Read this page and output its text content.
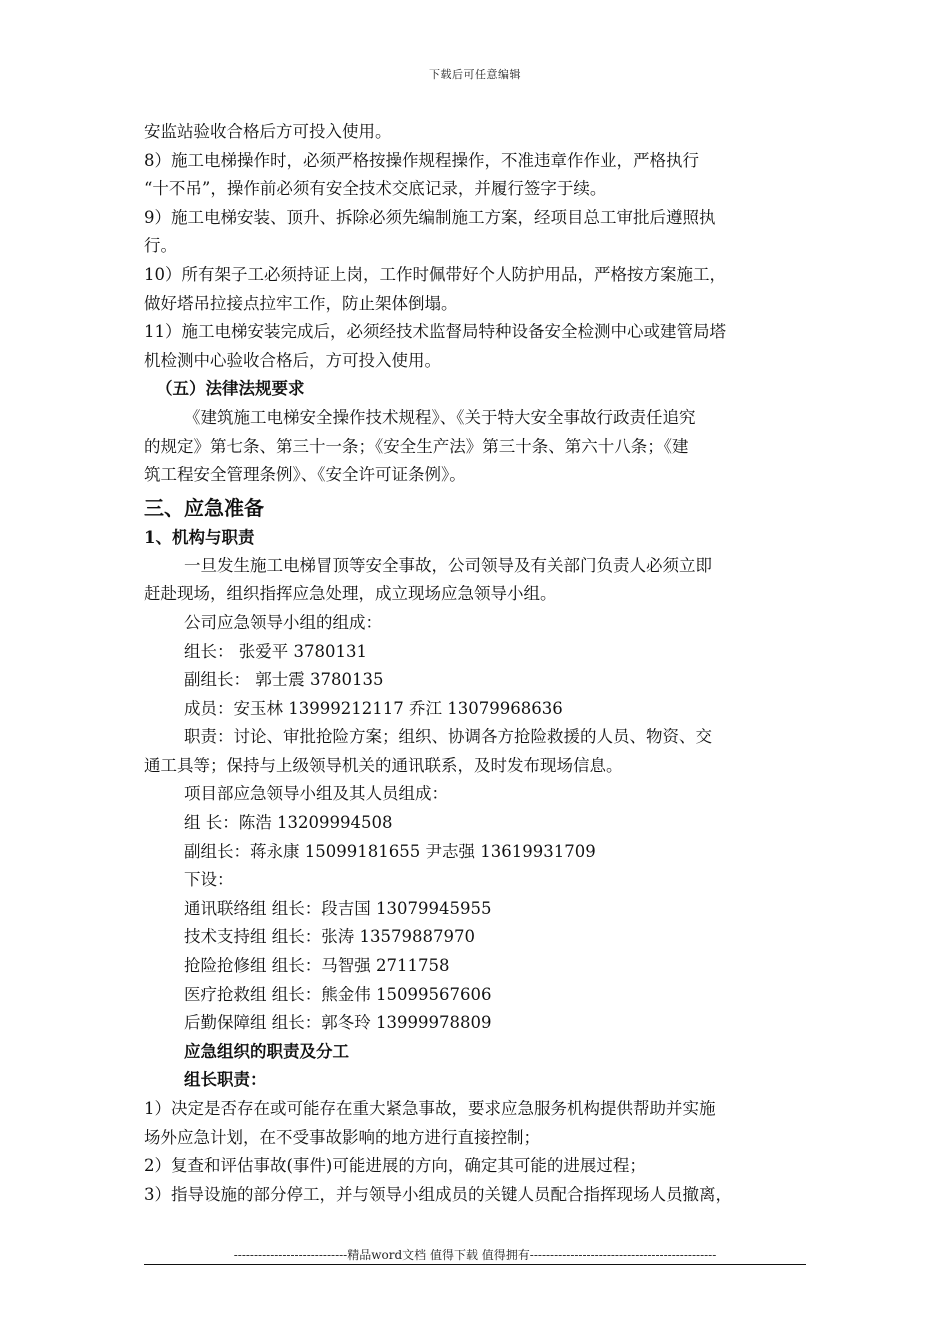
下载后可任意编辑
安监站验收合格后方可投入使用。
8）施工电梯操作时，必须严格按操作规程操作，不准违章作作业，严格执行
“十不吊”，操作前必须有安全技术交底记录，并履行签字于续。
9）施工电梯安装、顶升、拆除必须先编制施工方案，经项目总工审批后遵照执
行。
10）所有架子工必须持证上岗，工作时佩带好个人防护用品，严格按方案施工，
做好塔吊拉接点拉牢工作，防止架体倒塌。
11）施工电梯安装完成后，必须经技术监督局特种设备安全检测中心或建管局塔
机检测中心验收合格后，方可投入使用。
（五）法律法规要求
《建筑施工电梯安全操作技术规程》、《关于特大安全事故行政责任追究
的规定》第七条、第三十一条；《安全生产法》第三十条、第六十八条；《建
筑工程安全管理条例》、《安全许可证条例》。
三、应急准备
1、机构与职责
一旦发生施工电梯冒顶等安全事故，公司领导及有关部门负责人必须立即
赶赴现场，组织指挥应急处理，成立现场应急领导小组。
公司应急领导小组的组成：
组长： 张爱平 3780131
副组长： 郭士震 3780135
成员：安玉林 13999212117 乔江 13079968636
职责：讨论、审批抢险方案；组织、协调各方抢险救援的人员、物资、交
通工具等；保持与上级领导机关的通讯联系，及时发布现场信息。
项目部应急领导小组及其人员组成：
组 长：陈浩 13209994508
副组长：蒋永康 15099181655 尹志强 13619931709
下设：
通讯联络组 组长：段吉国 13079945955
技术支持组 组长：张涛 13579887970
抢险抢修组 组长：马智强 2711758
医疗抢救组 组长：熊金伟 15099567606
后勤保障组 组长：郭冬玲 13999978809
应急组织的职责及分工
组长职责：
1）决定是否存在或可能存在重大紧急事故，要求应急服务机构提供帮助并实施
场外应急计划，在不受事故影响的地方进行直接控制；
2）复查和评估事故(事件)可能进展的方向，确定其可能的进展过程；
3）指导设施的部分停工，并与领导小组成员的关键人员配合指挥现场人员撤离，
----------------------------精品word文档 值得下载 值得拥有----------------------------------------------
